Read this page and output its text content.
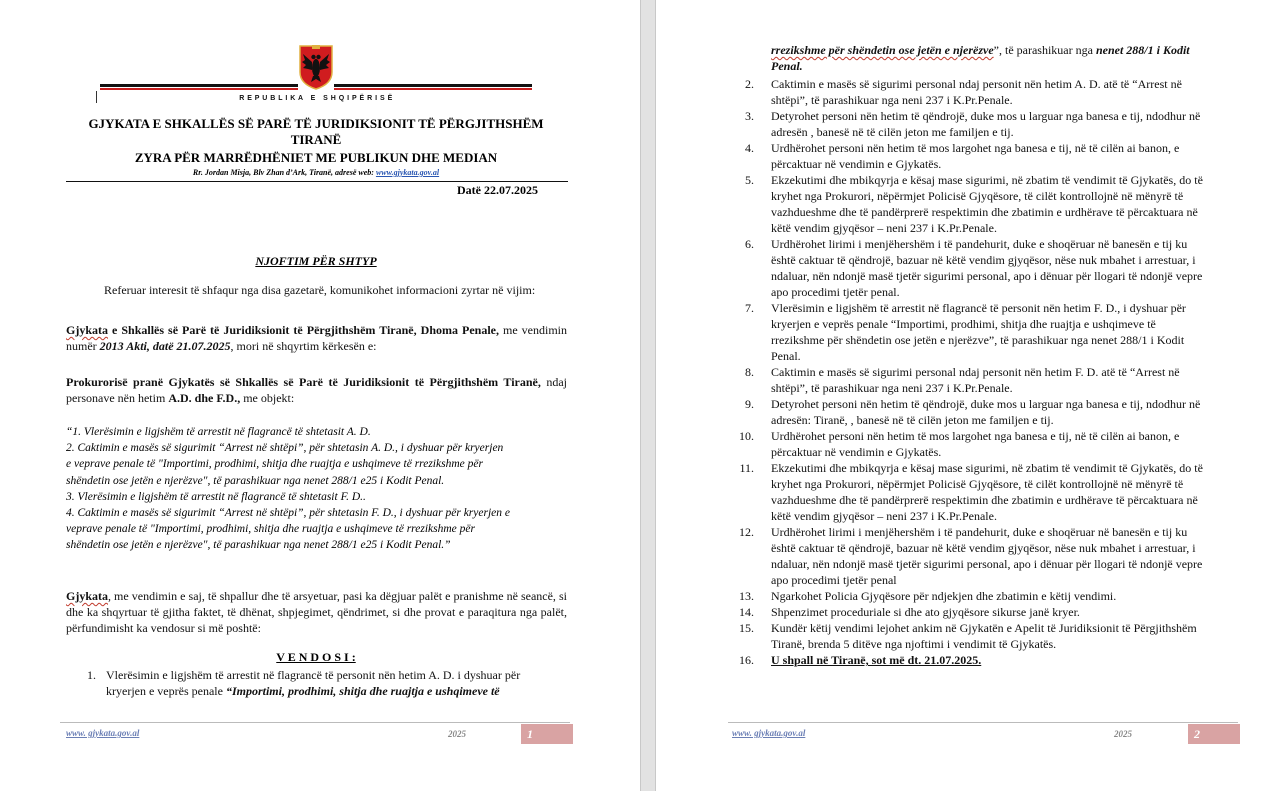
R E P U B L I K A   E   S H Q I P Ë R I S Ë
GJYKATA E SHKALLËS SË PARË TË JURIDIKSIONIT TË PËRGJITHSHËM
TIRANË
ZYRA PËR MARRËDHËNIET ME PUBLIKUN DHE MEDIAN
Rr. Jordan Misja, Blv Zhan d’Ark, Tiranë, adresë web: www.gjykata.gov.al
Datë 22.07.2025
NJOFTIM PËR SHTYP
Referuar interesit të shfaqur nga disa gazetarë, komunikohet informacioni zyrtar në vijim:
Gjykata e Shkallës së Parë të Juridiksionit të Përgjithshëm Tiranë, Dhoma Penale, me vendimin numër 2013 Akti, datë 21.07.2025, mori në shqyrtim kërkesën e:
Prokurorisë pranë Gjykatës së Shkallës së Parë të Juridiksionit të Përgjithshëm Tiranë, ndaj personave nën hetim A.D. dhe F.D., me objekt:
“1. Vlerësimin e ligjshëm të arrestit në flagrancë të shtetasit A. D.
2. Caktimin e masës së sigurimit “Arrest në shtëpi”, për shtetasin A. D., i dyshuar për kryerjen
e veprave penale të "Importimi, prodhimi, shitja dhe ruajtja e ushqimeve të rrezikshme për
shëndetin ose jetën e njerëzve", të parashikuar nga nenet 288/1 e25 i Kodit Penal.
3. Vlerësimin e ligjshëm të arrestit në flagrancë të shtetasit F. D..
4. Caktimin e masës së sigurimit “Arrest në shtëpi”, për shtetasin F. D., i dyshuar për kryerjen e
veprave penale të "Importimi, prodhimi, shitja dhe ruajtja e ushqimeve të rrezikshme për
shëndetin ose jetën e njerëzve", të parashikuar nga nenet 288/1 e25 i Kodit Penal.”
Gjykata, me vendimin e saj, të shpallur dhe të arsyetuar, pasi ka dëgjuar palët e pranishme në seancë, si dhe ka shqyrtuar të gjitha faktet, të dhënat, shpjegimet, qëndrimet, si dhe provat e paraqitura nga palët, përfundimisht ka vendosur si më poshtë:
V E N D O S I :
1. Vlerësimin e ligjshëm të arrestit në flagrancë të personit nën hetim A. D. i dyshuar për
kryerjen e veprës penale “Importimi, prodhimi, shitja dhe ruajtja e ushqimeve të
www. gjykata.gov.al	2025	1
rrezikshme për shëndetin ose jetën e njerëzve”, të parashikuar nga nenet 288/1 i Kodit
Penal.
2. Caktimin e masës së sigurimi personal ndaj personit nën hetim A. D. atë të “Arrest në
shtëpi”, të parashikuar nga neni 237 i K.Pr.Penale.
3. Detyrohet personi nën hetim të qëndrojë, duke mos u larguar nga banesa e tij, ndodhur në
adresën , banesë në të cilën jeton me familjen e tij.
4. Urdhërohet personi nën hetim të mos largohet nga banesa e tij, në të cilën ai banon, e
përcaktuar në vendimin e Gjykatës.
5. Ekzekutimi dhe mbikqyrja e kësaj mase sigurimi, në zbatim të vendimit të Gjykatës, do të
kryhet nga Prokurori, nëpërmjet Policisë Gjyqësore, të cilët kontrollojnë në mënyrë të
vazhdueshme dhe të pandërprerë respektimin dhe zbatimin e urdhërave të përcaktuara në
këtë vendim gjyqësor – neni 237 i K.Pr.Penale.
6. Urdhërohet lirimi i menjëhershëm i të pandehurit, duke e shoqëruar në banesën e tij ku
është caktuar të qëndrojë, bazuar në këtë vendim gjyqësor, nëse nuk mbahet i arrestuar, i
ndaluar, nën ndonjë masë tjetër sigurimi personal, apo i dënuar për llogari të ndonjë vepre
apo procedimi tjetër penal.
7. Vlerësimin e ligjshëm të arrestit në flagrancë të personit nën hetim F. D., i dyshuar për
kryerjen e veprës penale “Importimi, prodhimi, shitja dhe ruajtja e ushqimeve të
rrezikshme për shëndetin ose jetën e njerëzve”, të parashikuar nga nenet 288/1 i Kodit
Penal.
8. Caktimin e masës së sigurimi personal ndaj personit nën hetim F. D. atë të “Arrest në
shtëpi”, të parashikuar nga neni 237 i K.Pr.Penale.
9. Detyrohet personi nën hetim të qëndrojë, duke mos u larguar nga banesa e tij, ndodhur në
adresën: Tiranë, , banesë në të cilën jeton me familjen e tij.
10. Urdhërohet personi nën hetim të mos largohet nga banesa e tij, në të cilën ai banon, e
përcaktuar në vendimin e Gjykatës.
11. Ekzekutimi dhe mbikqyrja e kësaj mase sigurimi, në zbatim të vendimit të Gjykatës, do të
kryhet nga Prokurori, nëpërmjet Policisë Gjyqësore, të cilët kontrollojnë në mënyrë të
vazhdueshme dhe të pandërprerë respektimin dhe zbatimin e urdhërave të përcaktuara në
këtë vendim gjyqësor – neni 237 i K.Pr.Penale.
12. Urdhërohet lirimi i menjëhershëm i të pandehurit, duke e shoqëruar në banesën e tij ku
është caktuar të qëndrojë, bazuar në këtë vendim gjyqësor, nëse nuk mbahet i arrestuar, i
ndaluar, nën ndonjë masë tjetër sigurimi personal, apo i dënuar për llogari të ndonjë vepre
apo procedimi tjetër penal
13. Ngarkohet Policia Gjyqësore për ndjekjen dhe zbatimin e këtij vendimi.
14. Shpenzimet proceduriale si dhe ato gjyqësore sikurse janë kryer.
15. Kundër këtij vendimi lejohet ankim në Gjykatën e Apelit të Juridiksionit të Përgjithshëm
Tiranë, brenda 5 ditëve nga njoftimi i vendimit të Gjykatës.
16. U shpall në Tiranë, sot më dt. 21.07.2025.
www. gjykata.gov.al	2025	2
